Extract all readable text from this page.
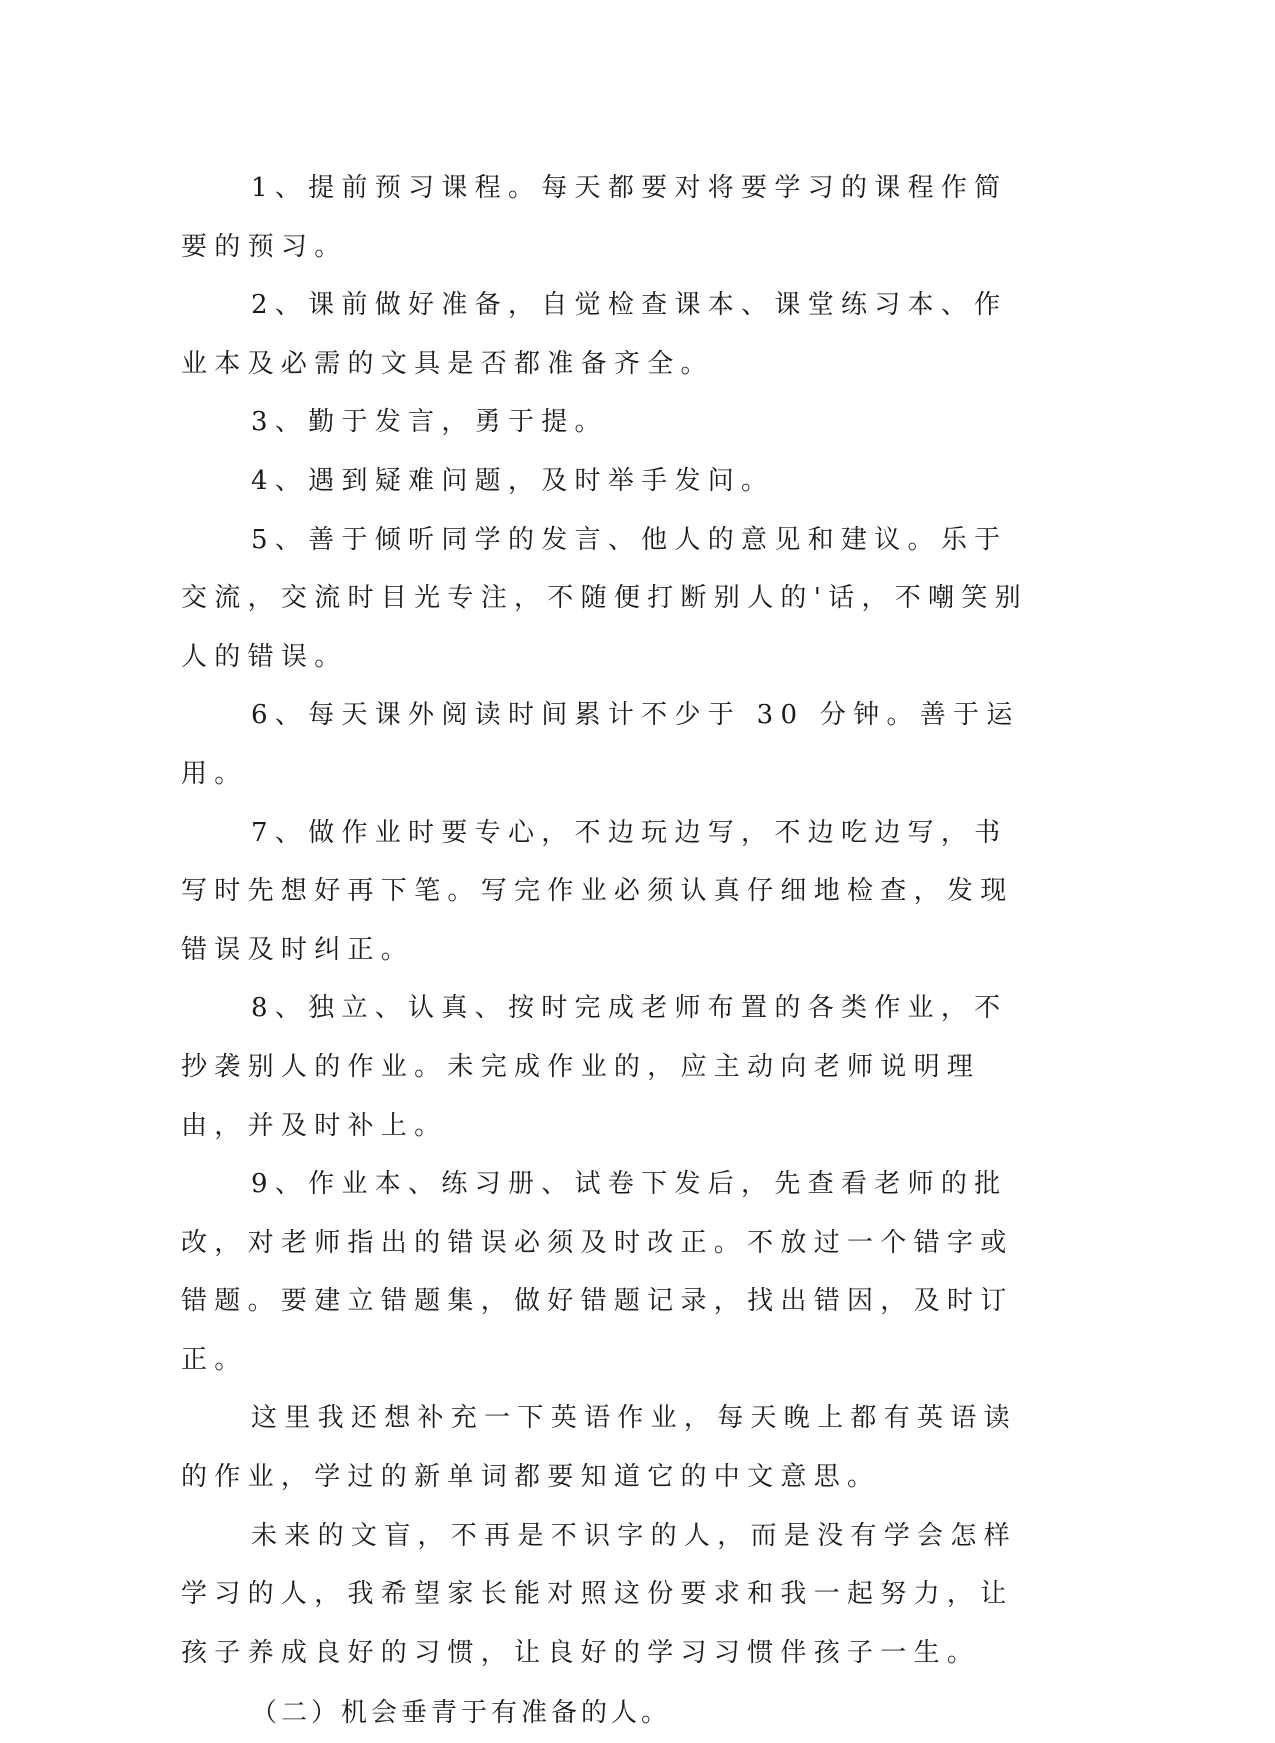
1、提前预习课程。每天都要对将要学习的课程作简要的预习。

2、课前做好准备，自觉检查课本、课堂练习本、作业本及必需的文具是否都准备齐全。

3、勤于发言，勇于提。

4、遇到疑难问题，及时举手发问。

5、善于倾听同学的发言、他人的意见和建议。乐于交流，交流时目光专注，不随便打断别人的'话，不嘲笑别人的错误。

6、每天课外阅读时间累计不少于 30 分钟。善于运用。

7、做作业时要专心，不边玩边写，不边吃边写，书写时先想好再下笔。写完作业必须认真仔细地检查，发现错误及时纠正。

8、独立、认真、按时完成老师布置的各类作业，不抄袭别人的作业。未完成作业的，应主动向老师说明理由，并及时补上。

9、作业本、练习册、试卷下发后，先查看老师的批改，对老师指出的错误必须及时改正。不放过一个错字或错题。要建立错题集，做好错题记录，找出错因，及时订正。

这里我还想补充一下英语作业，每天晚上都有英语读的作业，学过的新单词都要知道它的中文意思。

未来的文盲，不再是不识字的人，而是没有学会怎样学习的人，我希望家长能对照这份要求和我一起努力，让孩子养成良好的习惯，让良好的学习习惯伴孩子一生。

（二）机会垂青于有准备的人。
